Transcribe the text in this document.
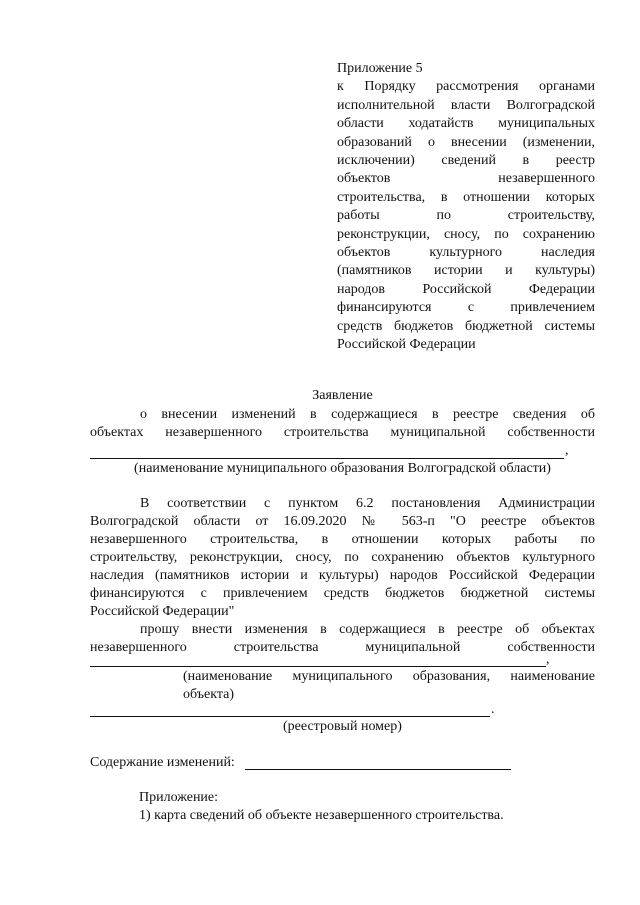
Приложение 5
к Порядку рассмотрения органами
исполнительной власти Волгоградской
области ходатайств муниципальных
образований о внесении (изменении,
исключении) сведений в реестр
объектов незавершенного
строительства, в отношении которых
работы по строительству,
реконструкции, сносу, по сохранению
объектов культурного наследия
(памятников истории и культуры)
народов Российской Федерации
финансируются с привлечением
средств бюджетов бюджетной системы
Российской Федерации
Заявление
о внесении изменений в содержащиеся в реестре сведения об
объектах незавершенного строительства муниципальной собственности
,
(наименование муниципального образования Волгоградской области)
В соответствии с пунктом 6.2 постановления Администрации
Волгоградской области от 16.09.2020 № 563-п "О реестре объектов
незавершенного строительства, в отношении которых работы по
строительству, реконструкции, сносу, по сохранению объектов культурного
наследия (памятников истории и культуры) народов Российской Федерации
финансируются с привлечением средств бюджетов бюджетной системы
Российской Федерации"
прошу внести изменения в содержащиеся в реестре об объектах
незавершенного строительства муниципальной собственности
,
(наименование муниципального образования, наименование
объекта)
.
(реестровый номер)
Содержание изменений:
Приложение:
1) карта сведений об объекте незавершенного строительства.
